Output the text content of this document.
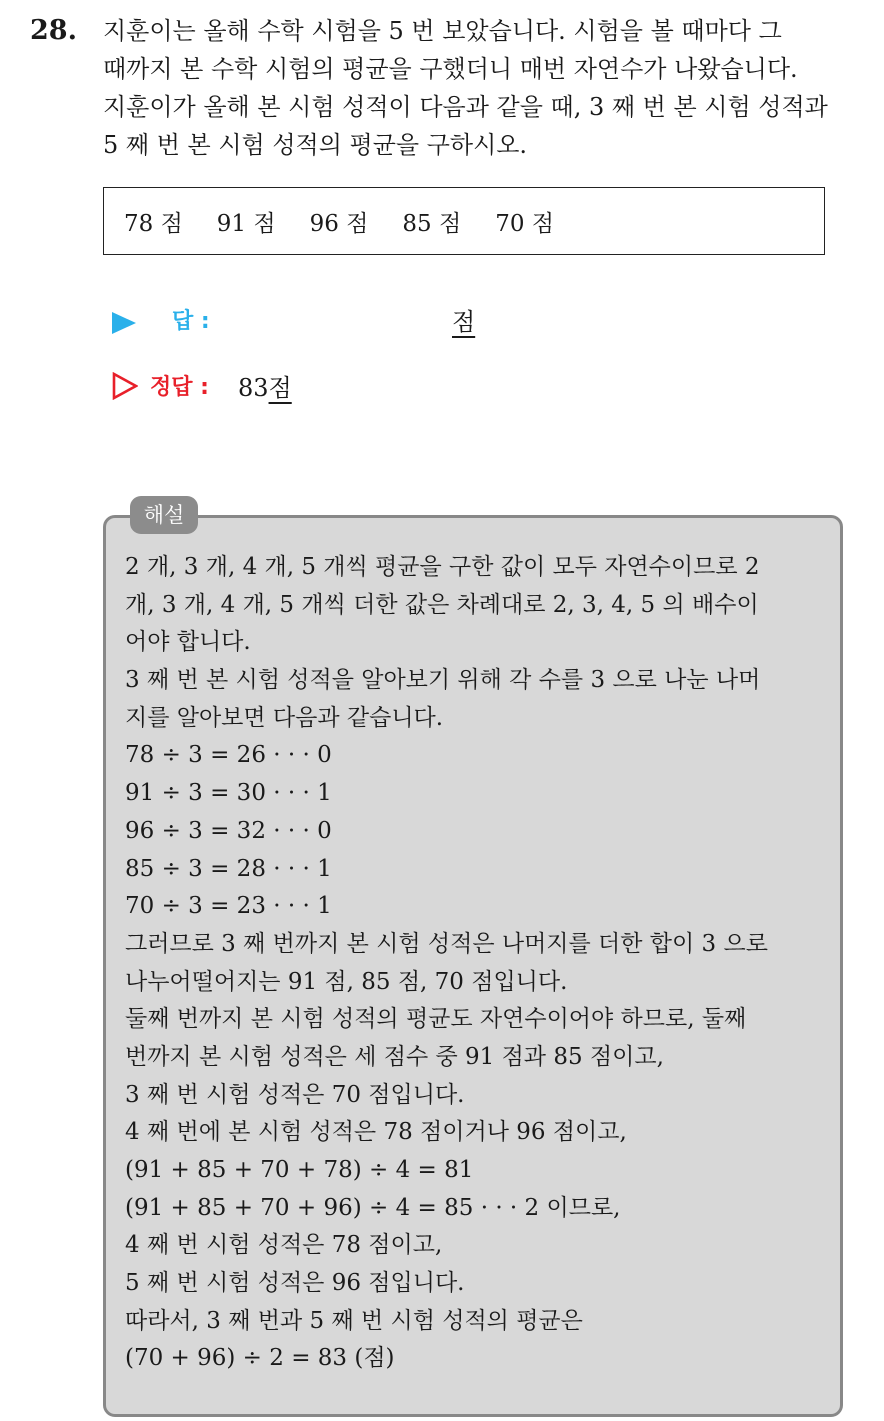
28. 지훈이는 올해 수학 시험을 5 번 보았습니다. 시험을 볼 때마다 그
때까지 본 수학 시험의 평균을 구했더니 매번 자연수가 나왔습니다.
지훈이가 올해 본 시험 성적이 다음과 같을 때, 3 째 번 본 시험 성적과
5 째 번 본 시험 성적의 평균을 구하시오.
78 점 91 점 96 점 85 점 70 점
답 :	점
정답 : 83점
해설
2 개, 3 개, 4 개, 5 개씩 평균을 구한 값이 모두 자연수이므로 2
개, 3 개, 4 개, 5 개씩 더한 값은 차례대로 2, 3, 4, 5 의 배수이
어야 합니다.
3 째 번 본 시험 성적을 알아보기 위해 각 수를 3 으로 나눈 나머
지를 알아보면 다음과 같습니다.
78 ÷ 3 = 26 · · · 0
91 ÷ 3 = 30 · · · 1
96 ÷ 3 = 32 · · · 0
85 ÷ 3 = 28 · · · 1
70 ÷ 3 = 23 · · · 1
그러므로 3 째 번까지 본 시험 성적은 나머지를 더한 합이 3 으로
나누어떨어지는 91 점, 85 점, 70 점입니다.
둘째 번까지 본 시험 성적의 평균도 자연수이어야 하므로, 둘째
번까지 본 시험 성적은 세 점수 중 91 점과 85 점이고,
3 째 번 시험 성적은 70 점입니다.
4 째 번에 본 시험 성적은 78 점이거나 96 점이고,
(91 + 85 + 70 + 78) ÷ 4 = 81
(91 + 85 + 70 + 96) ÷ 4 = 85 · · · 2 이므로,
4 째 번 시험 성적은 78 점이고,
5 째 번 시험 성적은 96 점입니다.
따라서, 3 째 번과 5 째 번 시험 성적의 평균은
(70 + 96) ÷ 2 = 83 (점)
